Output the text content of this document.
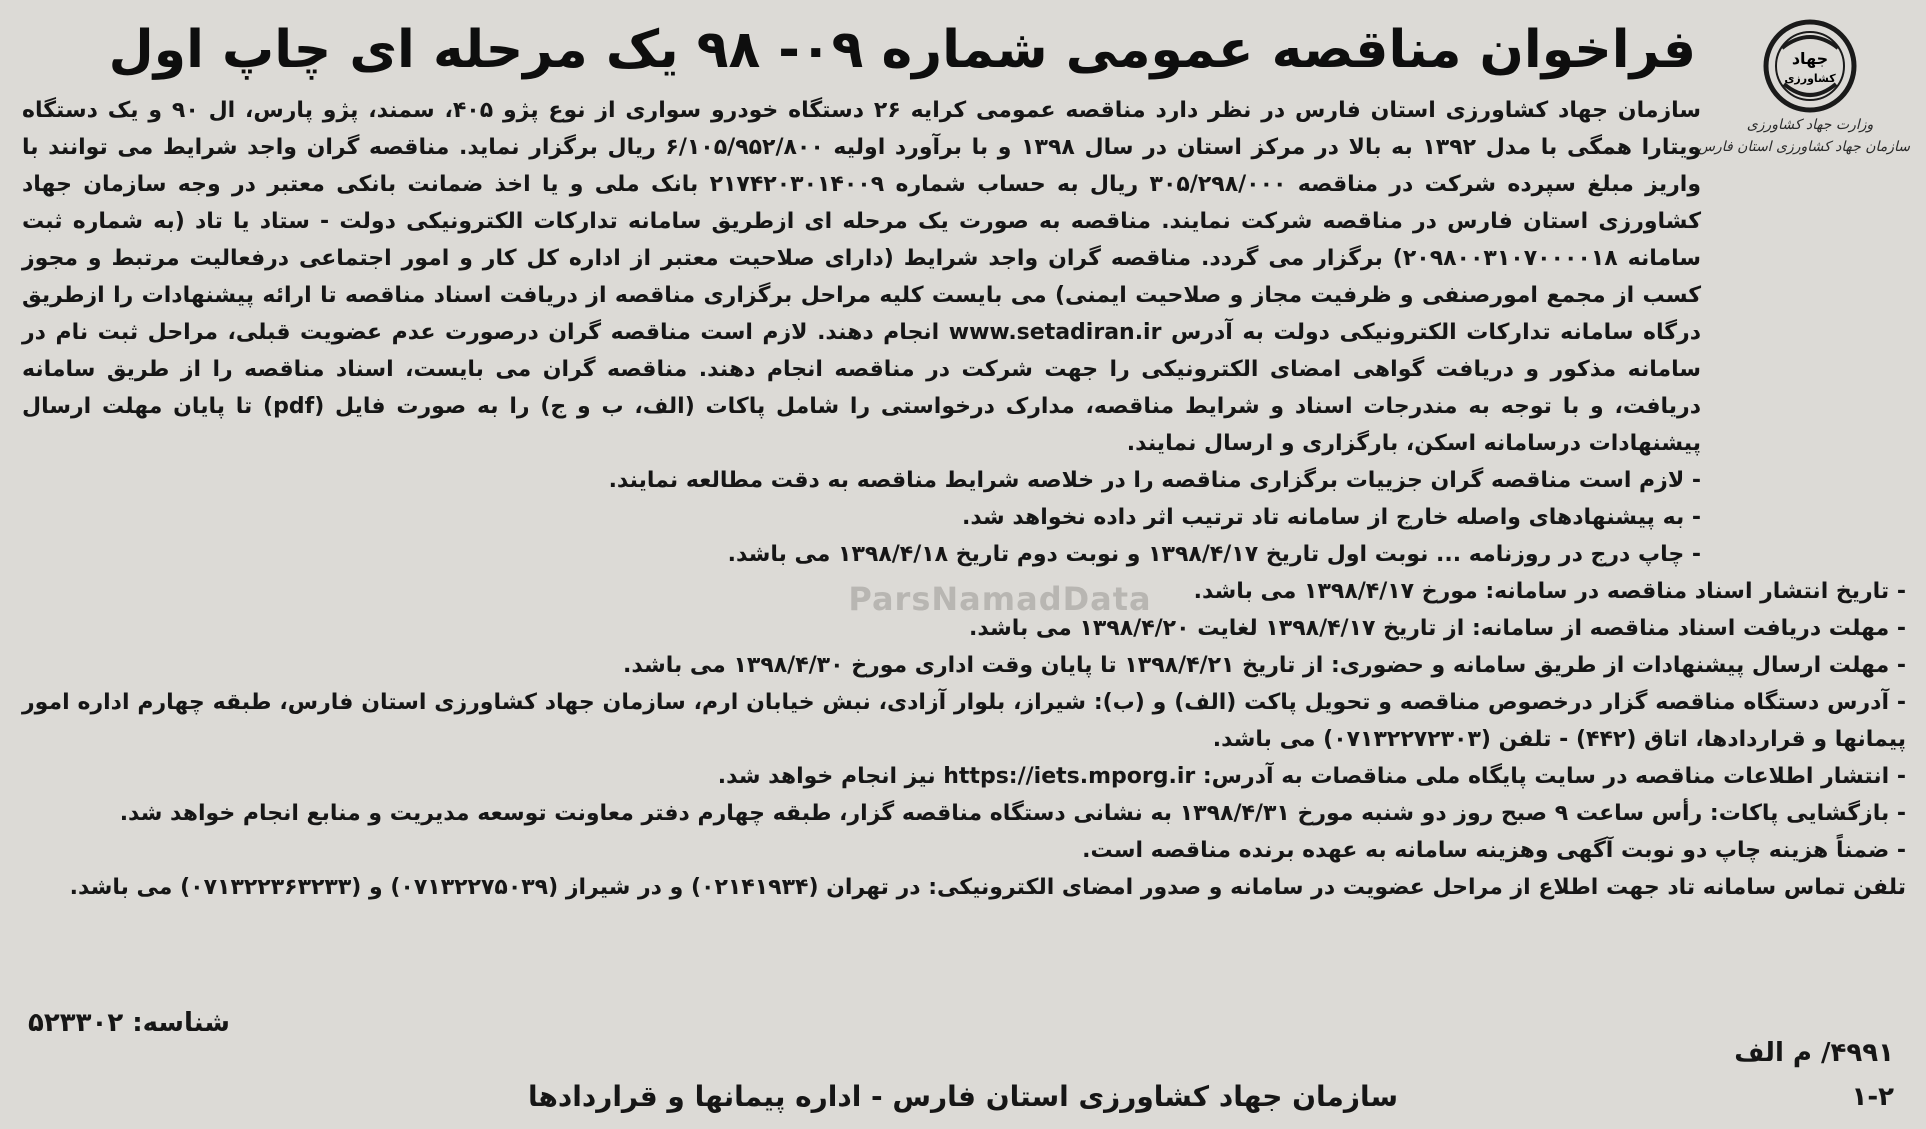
فراخوان مناقصه عمومی شماره ۰۹- ۹۸ یک مرحله ای چاپ اول	جهاد
کشاورزی
وزارت جهاد کشاورزی
سازمان جهاد کشاورزی استان فارس

سازمان جهاد کشاورزی استان فارس در نظر دارد مناقصه عمومی کرایه ۲۶ دستگاه خودرو سواری از نوع پژو ۴۰۵، سمند، پژو پارس، ال ۹۰ و یک دستگاه ویتارا همگی با مدل ۱۳۹۲ به بالا در مرکز استان در سال ۱۳۹۸ و با برآورد اولیه ۶/۱۰۵/۹۵۲/۸۰۰ ریال برگزار نماید. مناقصه گران واجد شرایط می توانند با واریز مبلغ سپرده شرکت در مناقصه ۳۰۵/۲۹۸/۰۰۰ ریال به حساب شماره ۲۱۷۴۲۰۳۰۱۴۰۰۹ بانک ملی و یا اخذ ضمانت بانکی معتبر در وجه سازمان جهاد کشاورزی استان فارس در مناقصه شرکت نمایند. مناقصه به صورت یک مرحله ای ازطریق سامانه تدارکات الکترونیکی دولت - ستاد یا تاد (به شماره ثبت سامانه ۲۰۹۸۰۰۳۱۰۷۰۰۰۰۱۸) برگزار می گردد. مناقصه گران واجد شرایط (دارای صلاحیت معتبر از اداره کل کار و امور اجتماعی درفعالیت مرتبط و مجوز کسب از مجمع امورصنفی و ظرفیت مجاز و صلاحیت ایمنی) می بایست کلیه مراحل برگزاری مناقصه از دریافت اسناد مناقصه تا ارائه پیشنهادات را ازطریق درگاه سامانه تدارکات الکترونیکی دولت به آدرس www.setadiran.ir انجام دهند. لازم است مناقصه گران درصورت عدم عضویت قبلی، مراحل ثبت نام در سامانه مذکور و دریافت گواهی امضای الکترونیکی را جهت شرکت در مناقصه انجام دهند. مناقصه گران می بایست، اسناد مناقصه را از طریق سامانه دریافت، و با توجه به مندرجات اسناد و شرایط مناقصه، مدارک درخواستی را شامل پاکات (الف، ب و ج) را به صورت فایل (pdf) تا پایان مهلت ارسال پیشنهادات درسامانه اسکن، بارگزاری و ارسال نمایند.

- لازم است مناقصه گران جزییات برگزاری مناقصه را در خلاصه شرایط مناقصه به دقت مطالعه نمایند.
- به پیشنهادهای واصله خارج از سامانه تاد ترتیب اثر داده نخواهد شد.
- چاپ درج در روزنامه ... نوبت اول تاریخ ۱۳۹۸/۴/۱۷ و نوبت دوم تاریخ ۱۳۹۸/۴/۱۸ می باشد.
- تاریخ انتشار اسناد مناقصه در سامانه: مورخ ۱۳۹۸/۴/۱۷ می باشد.
- مهلت دریافت اسناد مناقصه از سامانه: از تاریخ ۱۳۹۸/۴/۱۷ لغایت ۱۳۹۸/۴/۲۰ می باشد.
- مهلت ارسال پیشنهادات از طریق سامانه و حضوری: از تاریخ ۱۳۹۸/۴/۲۱ تا پایان وقت اداری مورخ ۱۳۹۸/۴/۳۰ می باشد.
- آدرس دستگاه مناقصه گزار درخصوص مناقصه و تحویل پاکت (الف) و (ب): شیراز، بلوار آزادی، نبش خیابان ارم، سازمان جهاد کشاورزی استان فارس، طبقه چهارم اداره امور پیمانها و قراردادها، اتاق (۴۴۲) - تلفن (۰۷۱۳۲۲۷۲۳۰۳) می باشد.
- انتشار اطلاعات مناقصه در سایت پایگاه ملی مناقصات به آدرس: https://iets.mporg.ir نیز انجام خواهد شد.
- بازگشایی پاکات: رأس ساعت ۹ صبح روز دو شنبه مورخ ۱۳۹۸/۴/۳۱ به نشانی دستگاه مناقصه گزار، طبقه چهارم دفتر معاونت توسعه مدیریت و منابع انجام خواهد شد.
- ضمناً هزینه چاپ دو نوبت آگهی وهزینه سامانه به عهده برنده مناقصه است.
تلفن تماس سامانه تاد جهت اطلاع از مراحل عضویت در سامانه و صدور امضای الکترونیکی: در تهران (۰۲۱۴۱۹۳۴) و در شیراز (۰۷۱۳۲۲۷۵۰۳۹) و (۰۷۱۳۲۲۳۶۳۲۳۳) می باشد.
ParsNamadData
شناسه: ۵۲۳۳۰۲
۴۹۹۱/ م الف
۱-۲
سازمان جهاد کشاورزی استان فارس - اداره پیمانها و قراردادها
